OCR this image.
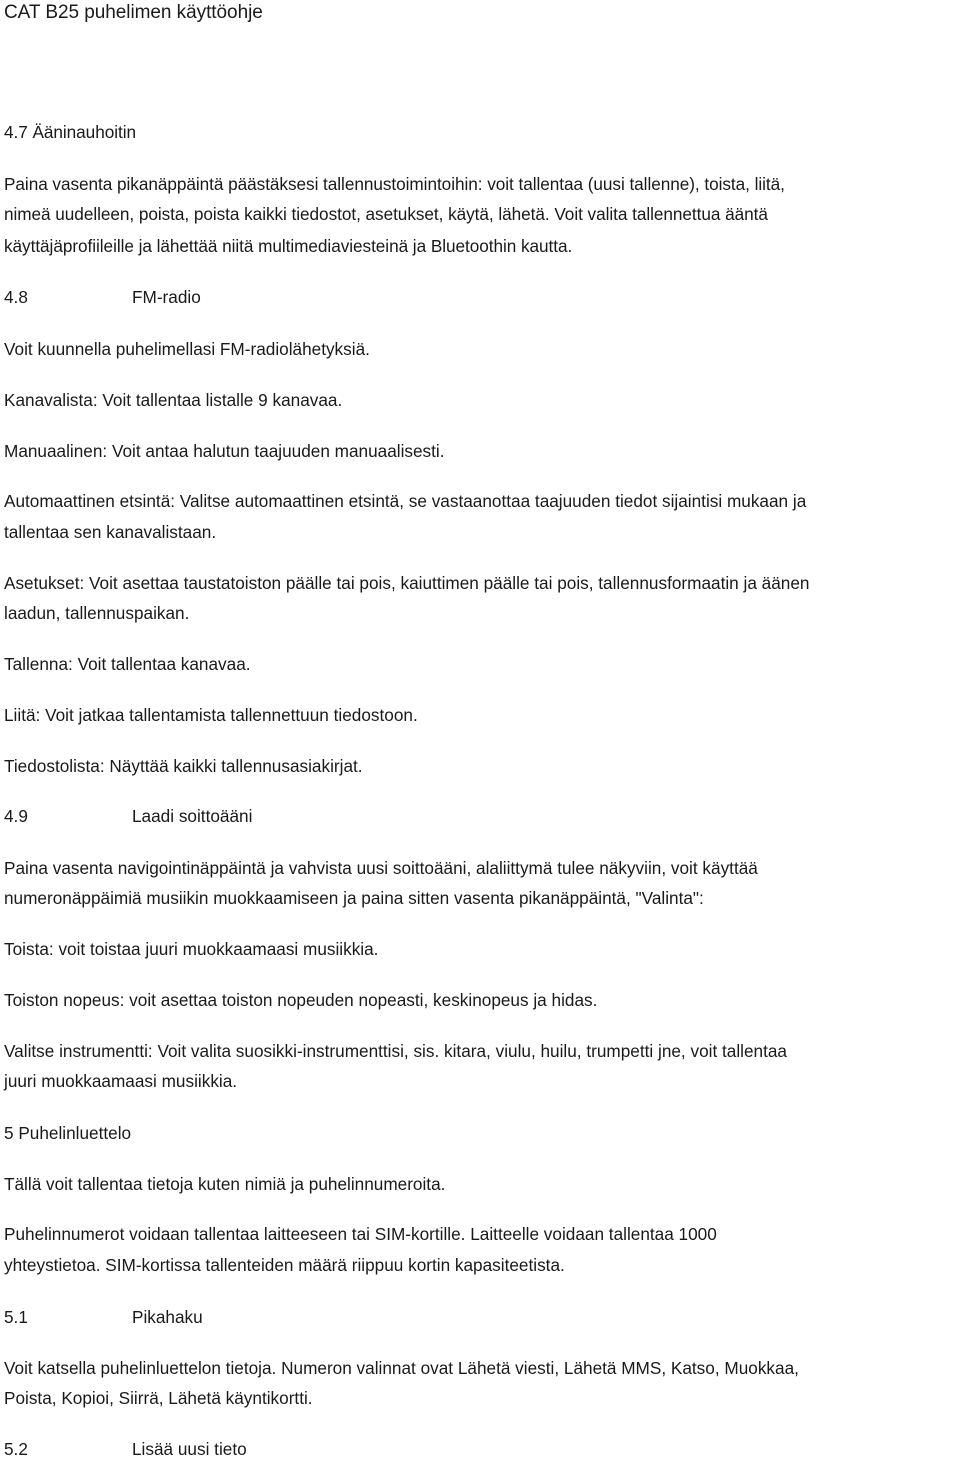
CAT B25 puhelimen käyttöohje
4.7 Ääninauhoitin
Paina vasenta pikanäppäintä päästäksesi tallennustoimintoihin: voit tallentaa (uusi tallenne), toista, liitä,
nimeä uudelleen, poista, poista kaikki tiedostot, asetukset, käytä, lähetä. Voit valita tallennettua ääntä
käyttäjäprofiileille ja lähettää niitä multimediaviesteinä ja Bluetoothin kautta.
4.8	FM-radio
Voit kuunnella puhelimellasi FM-radiolähetyksiä.
Kanavalista: Voit tallentaa listalle 9 kanavaa.
Manuaalinen: Voit antaa halutun taajuuden manuaalisesti.
Automaattinen etsintä: Valitse automaattinen etsintä, se vastaanottaa taajuuden tiedot sijaintisi mukaan ja
tallentaa sen kanavalistaan.
Asetukset: Voit asettaa taustatoiston päälle tai pois, kaiuttimen päälle tai pois, tallennusformaatin ja äänen
laadun, tallennuspaikan.
Tallenna: Voit tallentaa kanavaa.
Liitä: Voit jatkaa tallentamista tallennettuun tiedostoon.
Tiedostolista: Näyttää kaikki tallennusasiakirjat.
4.9	Laadi soittoääni
Paina vasenta navigointinäppäintä ja vahvista uusi soittoääni, alaliittymä tulee näkyviin, voit käyttää
numeronäppäimiä musiikin muokkaamiseen ja paina sitten vasenta pikanäppäintä, "Valinta":
Toista: voit toistaa juuri muokkaamaasi musiikkia.
Toiston nopeus: voit asettaa toiston nopeuden nopeasti, keskinopeus ja hidas.
Valitse instrumentti: Voit valita suosikki-instrumenttisi, sis. kitara, viulu, huilu, trumpetti jne, voit tallentaa
juuri muokkaamaasi musiikkia.
5 Puhelinluettelo
Tällä voit tallentaa tietoja kuten nimiä ja puhelinnumeroita.
Puhelinnumerot voidaan tallentaa laitteeseen tai SIM-kortille. Laitteelle voidaan tallentaa 1000
yhteystietoa. SIM-kortissa tallenteiden määrä riippuu kortin kapasiteetista.
5.1	Pikahaku
Voit katsella puhelinluettelon tietoja. Numeron valinnat ovat Lähetä viesti, Lähetä MMS, Katso, Muokkaa,
Poista, Kopioi, Siirrä, Lähetä käyntikortti.
5.2	Lisää uusi tieto
